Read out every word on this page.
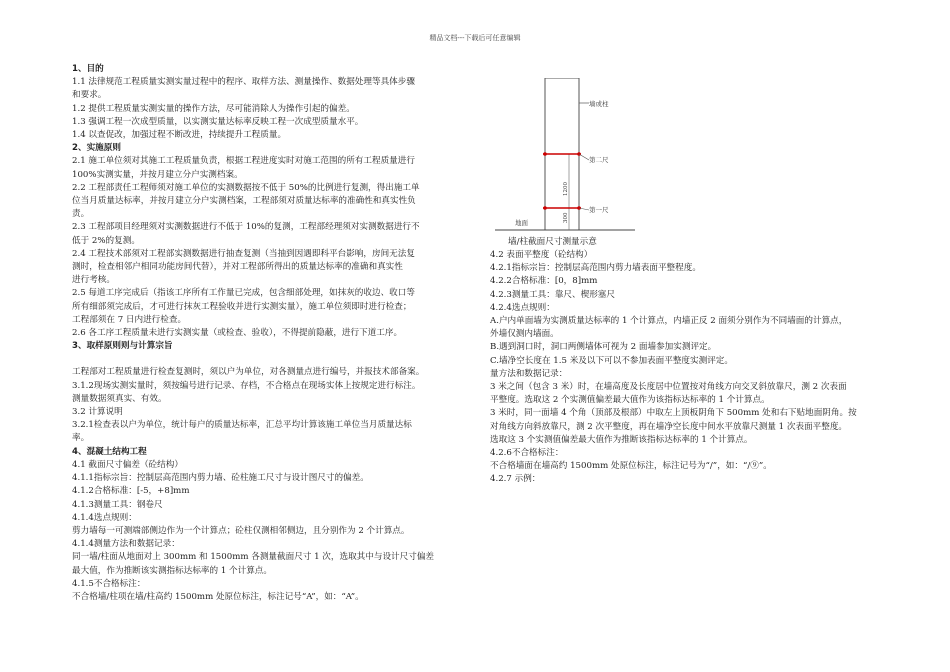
精品文档---下载后可任意编辑

1、目的

1.1 法律规范工程质量实测实量过程中的程序、取样方法、测量操作、数据处理等具体步骤

和要求。

1.2 提供工程质量实测实量的操作方法，尽可能消除人为操作引起的偏差。

1.3 强调工程一次成型质量，以实测实量达标率反映工程一次成型质量水平。

1.4 以查促改，加强过程不断改进，持续提升工程质量。

2、实施原则

2.1 施工单位须对其施工工程质量负责，根据工程进度实时对施工范围的所有工程质量进行

100%实测实量，并按月建立分户实测档案。

2.2 工程部责任工程师须对施工单位的实测数据按不低于 50%的比例进行复测，得出施工单

位当月质量达标率，并按月建立分户实测档案，工程部须对质量达标率的准确性和真实性负

责。

2.3 工程部项目经理须对实测数据进行不低于 10%的复测，工程部经理须对实测数据进行不

低于 2%的复测。

2.4 工程技术部须对工程部实测数据进行抽查复测（当抽到因遇即科平台影响，房间无法复

测时，检查相邻户相同功能房间代替），并对工程部所得出的质量达标率的准确和真实性

进行考核。

2.5 每道工序完成后（指该工序所有工作量已完成，包含细部处理，如抹灰的收边、收口等

所有细部须完成后，才可进行抹灰工程验收并进行实测实量），施工单位须即时进行检查；

工程部须在 7 日内进行检查。

2.6 各工序工程质量未进行实测实量（或检查、验收），不得提前隐蔽，进行下道工序。

3、取样原则则与计算宗旨

工程部对工程质量进行检查复测时，须以户为单位，对各测量点进行编号，并报技术部备案。

3.1.2现场实测实量时，须按编号进行记录、存档，不合格点在现场实体上按规定进行标注。

测量数据须真实、有效。

3.2 计算说明

3.2.1检查表以户为单位，统计每户的质量达标率，汇总平均计算该施工单位当月质量达标

率。

4、混凝土结构工程

4.1 截面尺寸偏差（砼结构）

4.1.1指标宗旨：控制层高范围内剪力墙、砼柱施工尺寸与设计图尺寸的偏差。

4.1.2合格标准：[-5，+8]mm

4.1.3测量工具：钢卷尺

4.1.4选点规则：

剪力墙每一可测端部侧边作为一个计算点；砼柱仅测相邻侧边，且分别作为 2 个计算点。

4.1.4测量方法和数据记录：

同一墙/柱面从地面对上 300mm 和 1500mm 各测量截面尺寸 1 次，选取其中与设计尺寸偏差

最大值，作为推断该实测指标达标率的 1 个计算点。

4.1.5不合格标注：

不合格墙/柱项在墙/柱高约 1500mm 处原位标注，标注记号“A”，如：“A”。

墙或柱
地面
1200
300
第二尺
第一尺
墙/柱截面尺寸测量示意

4.2 表面平整度（砼结构）

4.2.1指标宗旨：控制层高范围内剪力墙表面平整程度。

4.2.2合格标准：[0，8]mm

4.2.3测量工具：靠尺、楔形塞尺

4.2.4选点规则：

A.户内单面墙为实测质量达标率的 1 个计算点，内墙正反 2 面须分别作为不同墙面的计算点，

外墙仅测内墙面。

B.遇到洞口时，洞口两侧墙体可视为 2 面墙参加实测评定。

C.墙净空长度在 1.5 米及以下可以不参加表面平整度实测评定。

量方法和数据记录：

3 米之间（包含 3 米）时，在墙高度及长度居中位置按对角线方向交叉斜放靠尺，测 2 次表面

平整度。选取这 2 个实测值偏差最大值作为该指标达标率的 1 个计算点。

3 米时，同一面墙 4 个角（顶部及根部）中取左上顶板阴角下 500mm 处和右下贴地面阴角。按

对角线方向斜放靠尺，测 2 次平整度，再在墙净空长度中间水平放靠尺测量 1 次表面平整度。

选取这 3 个实测值偏差最大值作为推断该指标达标率的 1 个计算点。

4.2.6不合格标注：

不合格墙面在墙高约 1500mm 处原位标注，标注记号为“/”，如：“/⑨”。

4.2.7 示例：
